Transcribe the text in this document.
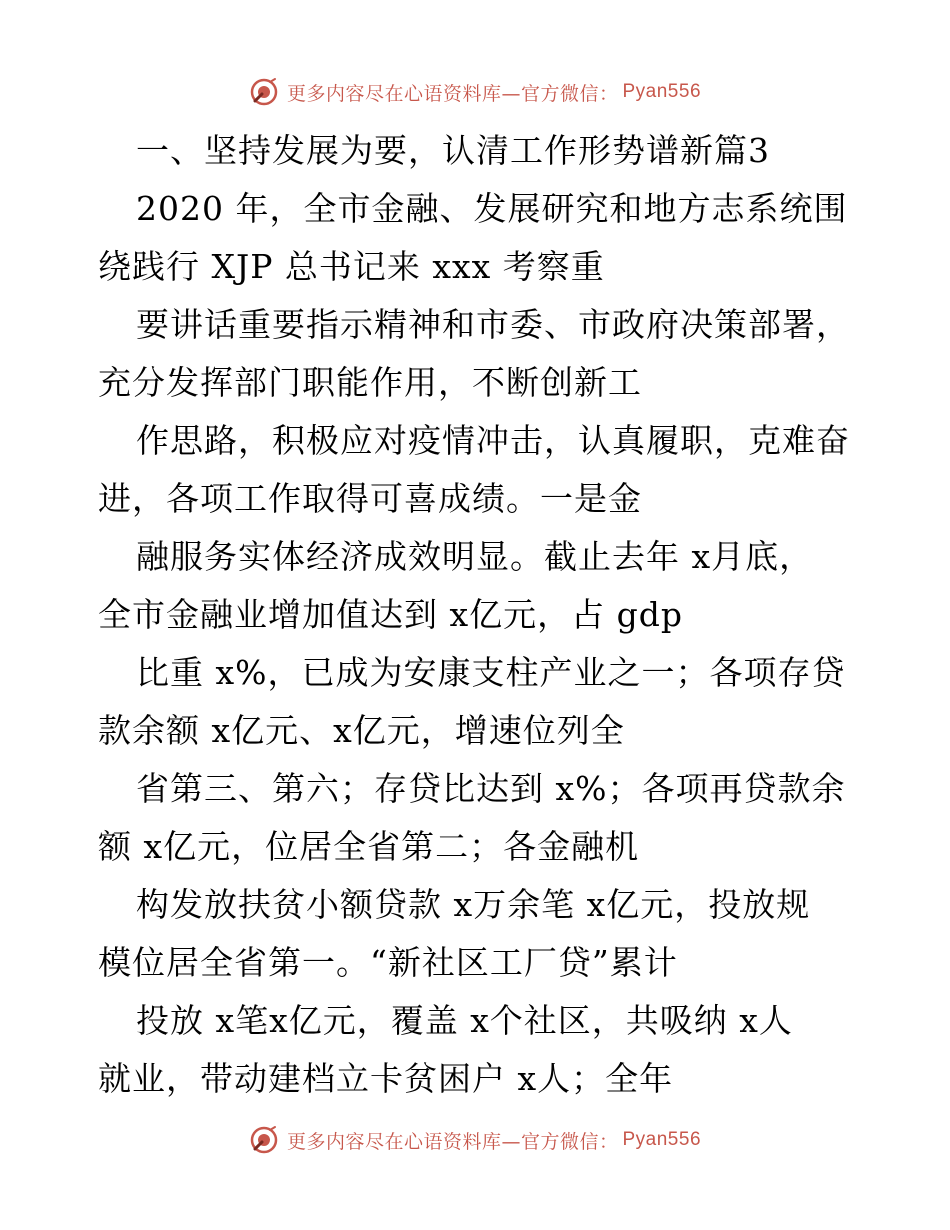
更多内容尽在心语资料库—官方微信： Pyan556
一、坚持发展为要，认清工作形势谱新篇3
2020 年，全市金融、发展研究和地方志系统围
绕践行 XJP 总书记来 xxx 考察重
要讲话重要指示精神和市委、市政府决策部署，
充分发挥部门职能作用，不断创新工
作思路，积极应对疫情冲击，认真履职，克难奋
进，各项工作取得可喜成绩。一是金
融服务实体经济成效明显。截止去年 x月底，
全市金融业增加值达到 x亿元，占 gdp
比重 x%，已成为安康支柱产业之一；各项存贷
款余额 x亿元、x亿元，增速位列全
省第三、第六；存贷比达到 x%；各项再贷款余
额 x亿元，位居全省第二；各金融机
构发放扶贫小额贷款 x万余笔 x亿元，投放规
模位居全省第一。“新社区工厂贷”累计
投放 x笔x亿元，覆盖 x个社区，共吸纳 x人
就业，带动建档立卡贫困户 x人；全年
更多内容尽在心语资料库—官方微信： Pyan556
